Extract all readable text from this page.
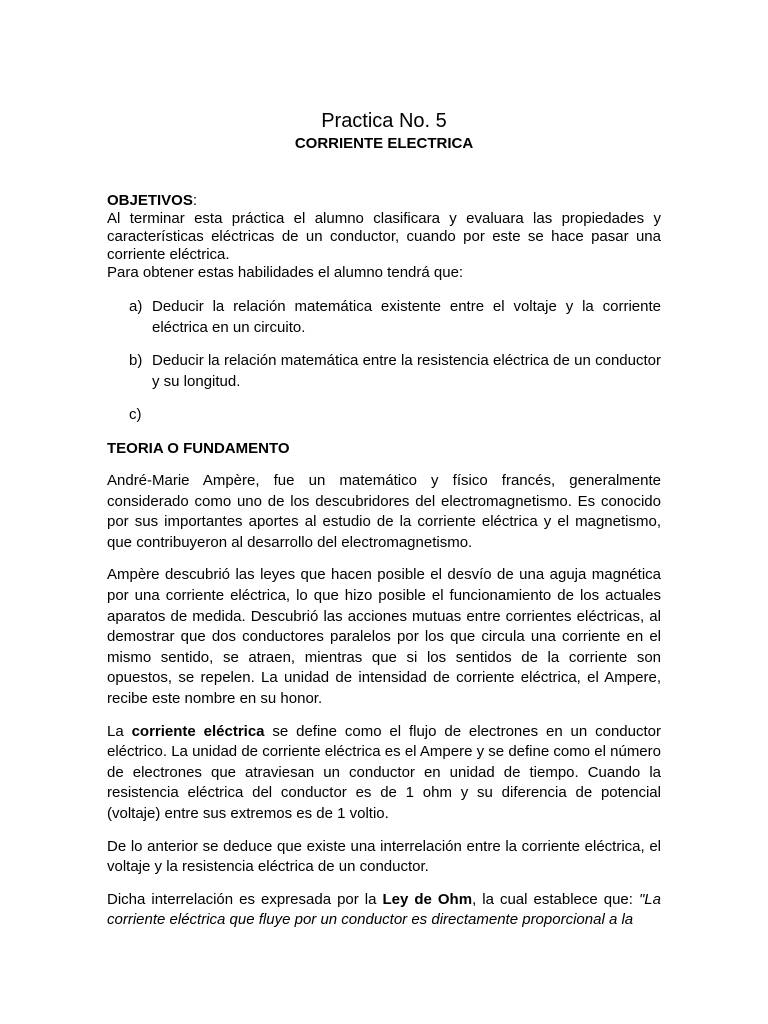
Practica No. 5
CORRIENTE ELECTRICA
OBJETIVOS:

Al terminar esta práctica el alumno clasificara y evaluara las propiedades y características eléctricas de un conductor, cuando por este se hace pasar una corriente eléctrica.

Para obtener estas habilidades el alumno tendrá que:

a) Deducir la relación matemática existente entre el voltaje y la corriente eléctrica en un circuito.
b) Deducir la relación matemática entre la resistencia eléctrica de un conductor y su longitud.
c)
TEORIA O FUNDAMENTO

André-Marie Ampère, fue un matemático y físico francés, generalmente considerado como uno de los descubridores del electromagnetismo. Es conocido por sus importantes aportes al estudio de la corriente eléctrica y el magnetismo, que contribuyeron al desarrollo del electromagnetismo.

Ampère descubrió las leyes que hacen posible el desvío de una aguja magnética por una corriente eléctrica, lo que hizo posible el funcionamiento de los actuales aparatos de medida. Descubrió las acciones mutuas entre corrientes eléctricas, al demostrar que dos conductores paralelos por los que circula una corriente en el mismo sentido, se atraen, mientras que si los sentidos de la corriente son opuestos, se repelen. La unidad de intensidad de corriente eléctrica, el Ampere, recibe este nombre en su honor.

La corriente eléctrica se define como el flujo de electrones en un conductor eléctrico. La unidad de corriente eléctrica es el Ampere y se define como el número de electrones que atraviesan un conductor en unidad de tiempo. Cuando la resistencia eléctrica del conductor es de 1 ohm y su diferencia de potencial (voltaje) entre sus extremos es de 1 voltio.

De lo anterior se deduce que existe una interrelación entre la corriente eléctrica, el voltaje y la resistencia eléctrica de un conductor.

Dicha interrelación es expresada por la Ley de Ohm, la cual establece que: "La corriente eléctrica que fluye por un conductor es directamente proporcional a la
